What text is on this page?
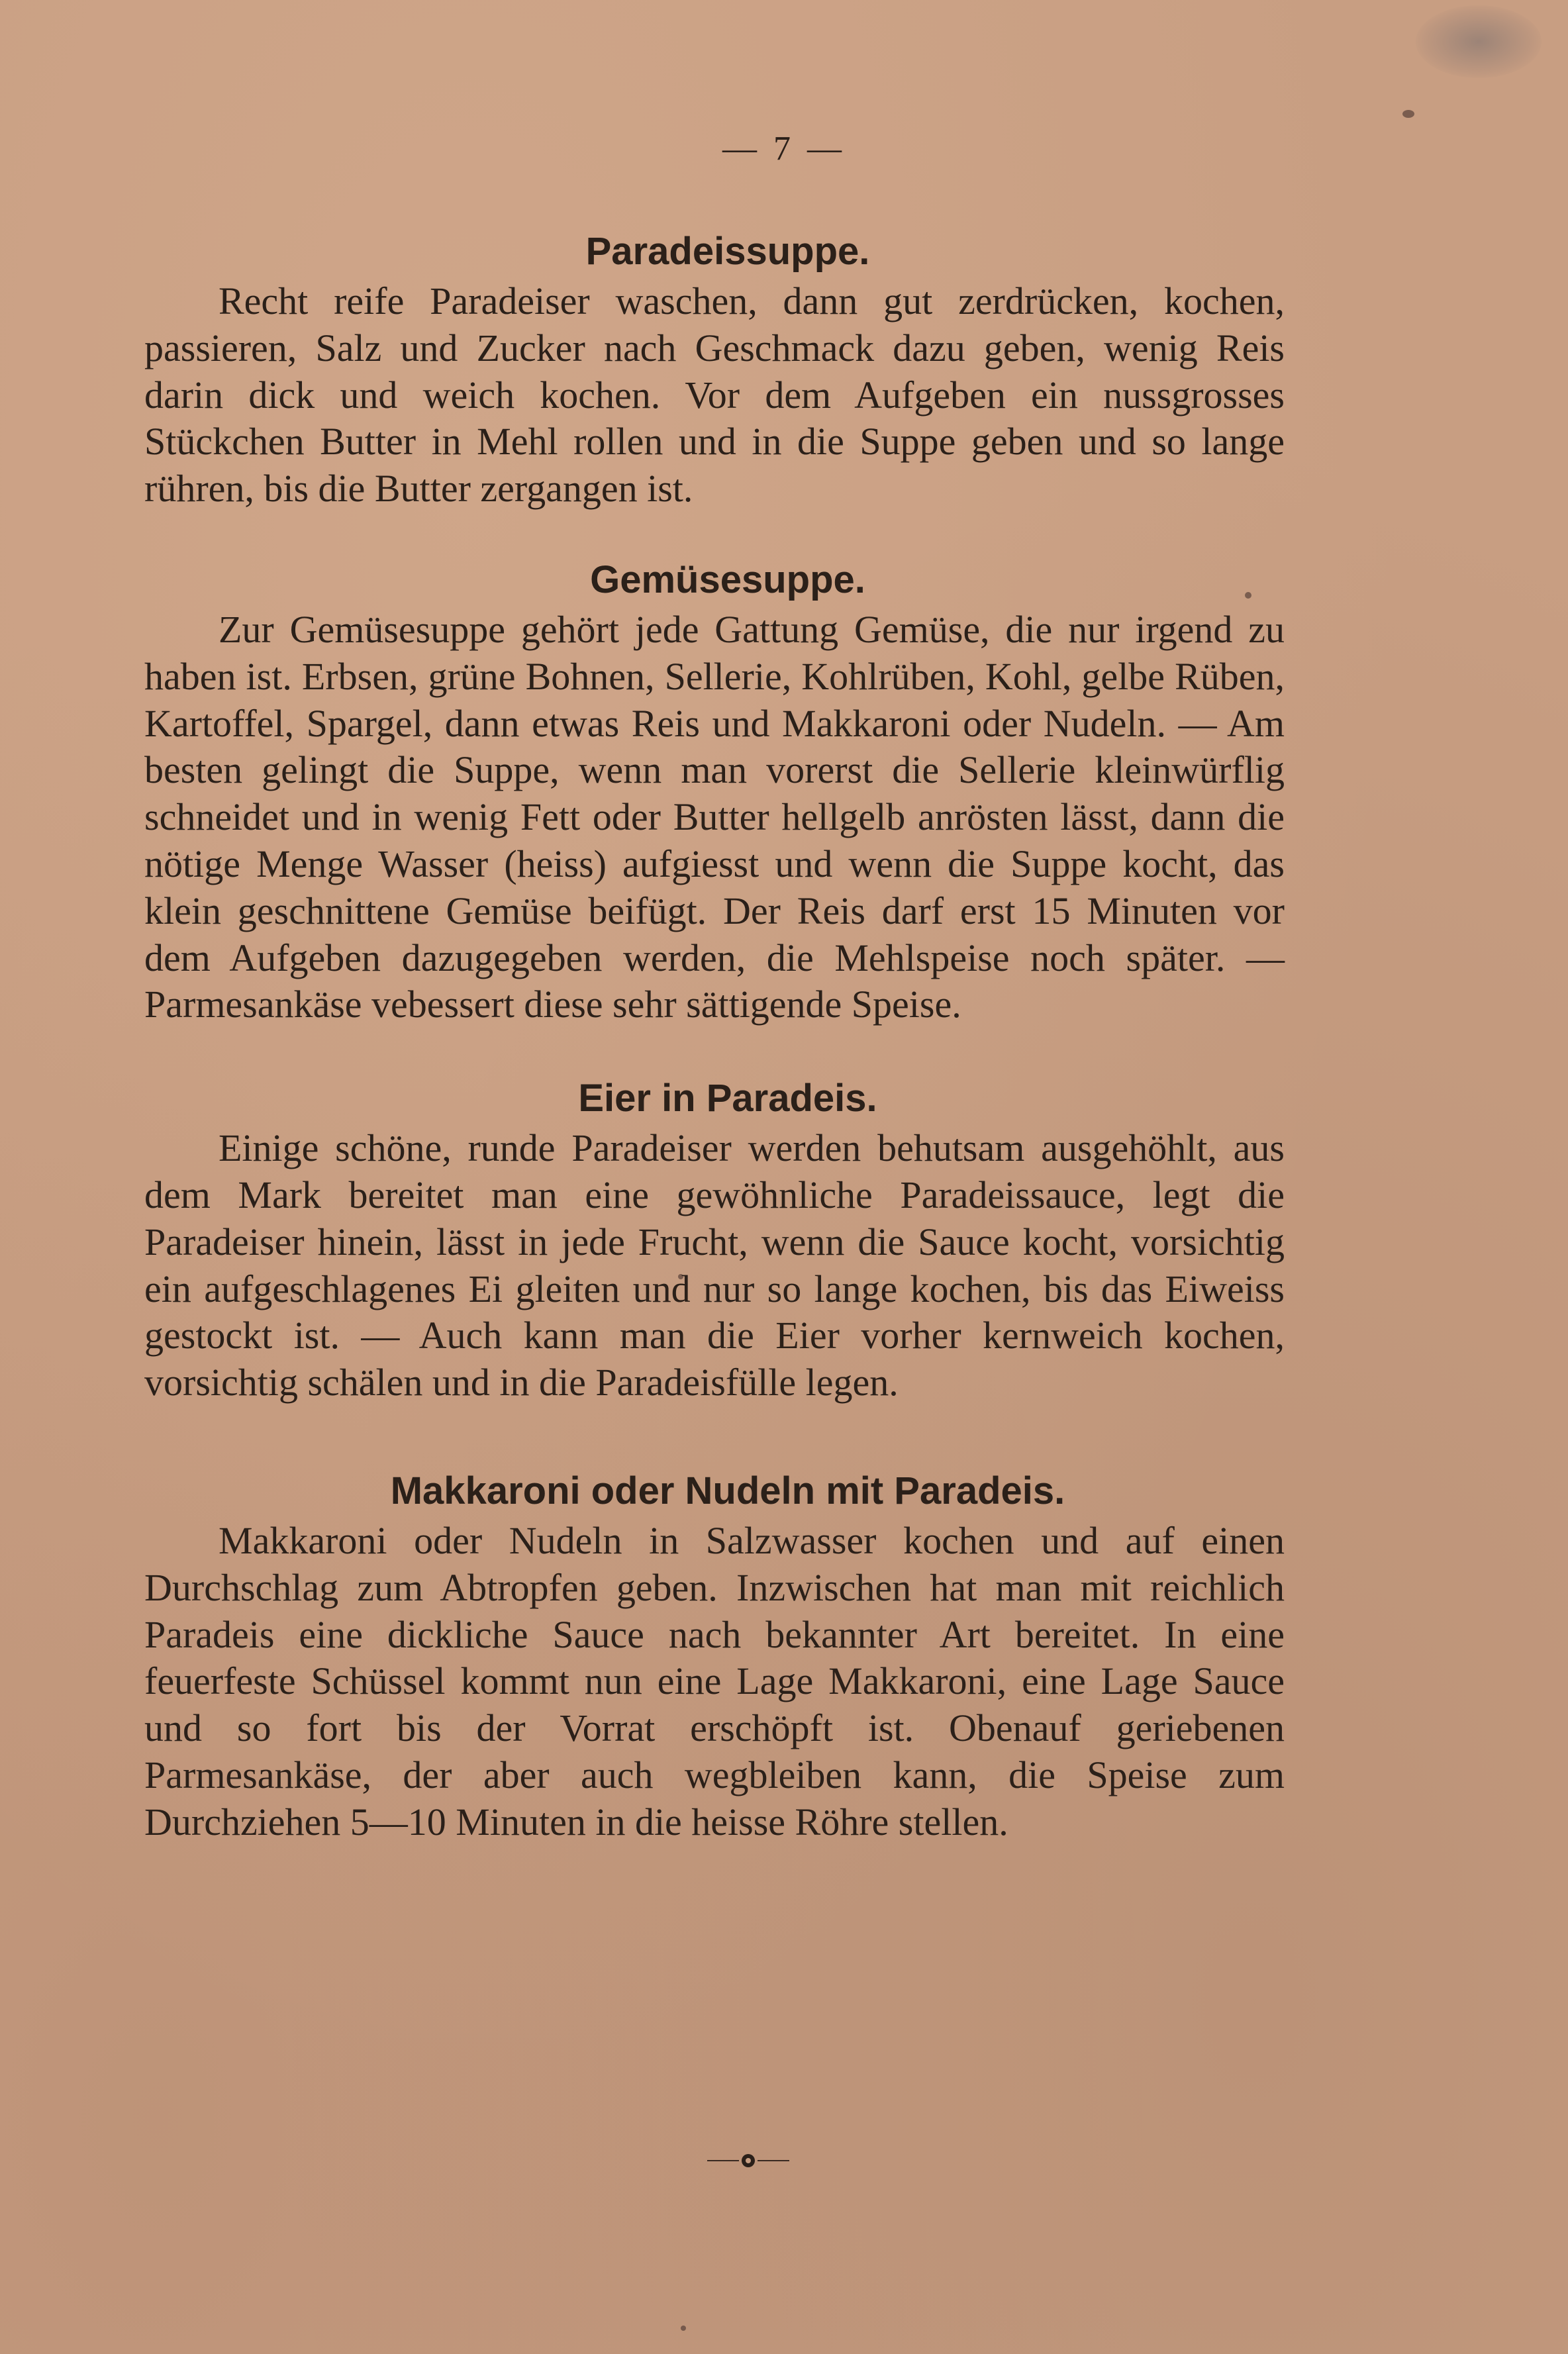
— 7 —
Paradeissuppe.

Recht reife Paradeiser waschen, dann gut zerdrücken, kochen, passieren, Salz und Zucker nach Geschmack dazu geben, wenig Reis darin dick und weich kochen. Vor dem Aufgeben ein nussgrosses Stückchen Butter in Mehl rollen und in die Suppe geben und so lange rühren, bis die Butter zergangen ist.

Gemüsesuppe.

Zur Gemüsesuppe gehört jede Gattung Gemüse, die nur irgend zu haben ist. Erbsen, grüne Bohnen, Sellerie, Kohlrüben, Kohl, gelbe Rüben, Kartoffel, Spargel, dann etwas Reis und Makkaroni oder Nudeln. — Am besten gelingt die Suppe, wenn man vorerst die Sellerie kleinwürflig schneidet und in wenig Fett oder Butter hellgelb anrösten lässt, dann die nötige Menge Wasser (heiss) aufgiesst und wenn die Suppe kocht, das klein geschnittene Gemüse beifügt. Der Reis darf erst 15 Minuten vor dem Aufgeben dazugegeben werden, die Mehlspeise noch später. — Parmesankäse vebessert diese sehr sättigende Speise.

Eier in Paradeis.

Einige schöne, runde Paradeiser werden behutsam ausgehöhlt, aus dem Mark bereitet man eine gewöhnliche Paradeissauce, legt die Paradeiser hinein, lässt in jede Frucht, wenn die Sauce kocht, vorsichtig ein aufgeschlagenes Ei gleiten und nur so lange kochen, bis das Eiweiss gestockt ist. — Auch kann man die Eier vorher kernweich kochen, vorsichtig schälen und in die Paradeisfülle legen.

Makkaroni oder Nudeln mit Paradeis.

Makkaroni oder Nudeln in Salzwasser kochen und auf einen Durchschlag zum Abtropfen geben. Inzwischen hat man mit reichlich Paradeis eine dickliche Sauce nach bekannter Art bereitet. In eine feuerfeste Schüssel kommt nun eine Lage Makkaroni, eine Lage Sauce und so fort bis der Vorrat erschöpft ist. Obenauf geriebenen Parmesankäse, der aber auch wegbleiben kann, die Speise zum Durchziehen 5—10 Minuten in die heisse Röhre stellen.
